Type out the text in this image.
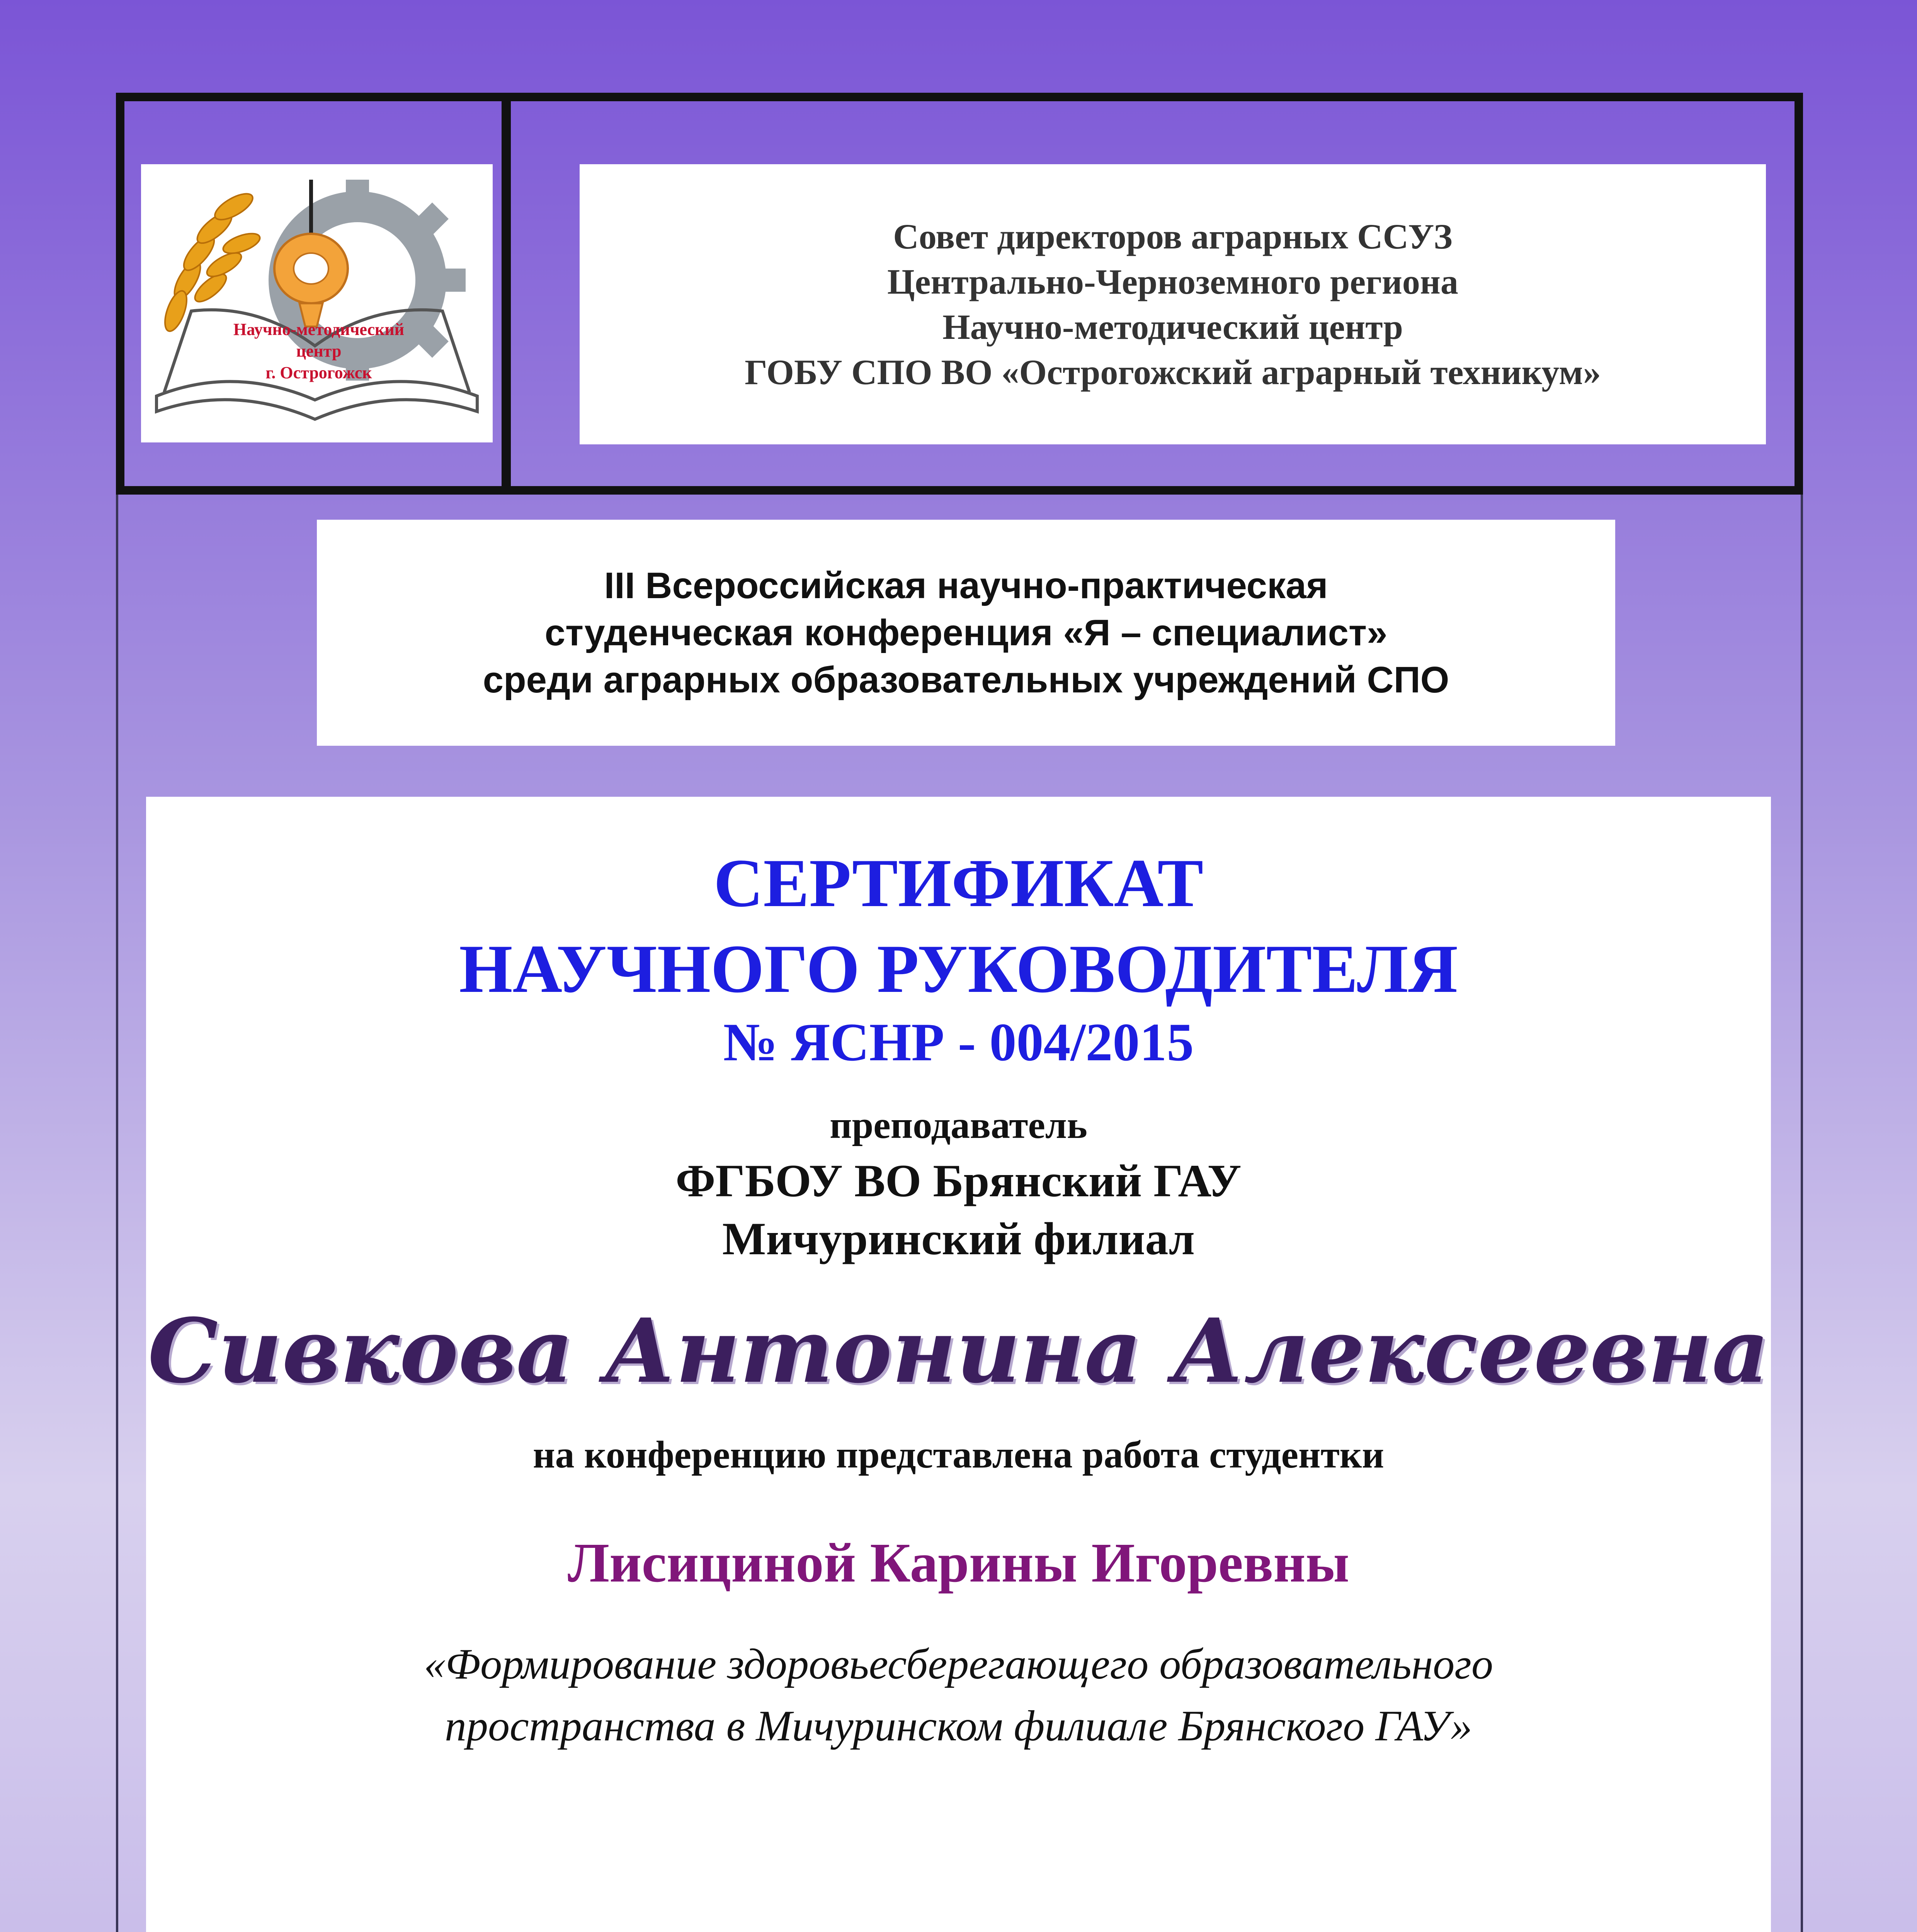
Научно-методический
центр
г. Острогожск
Совет директоров аграрных ССУЗ
Центрально-Черноземного региона
Научно-методический центр
ГОБУ СПО ВО «Острогожский аграрный техникум»
III Всероссийская научно-практическая
студенческая конференция «Я – специалист»
среди аграрных образовательных учреждений СПО
СЕРТИФИКАТ
НАУЧНОГО РУКОВОДИТЕЛЯ
№ ЯСНР - 004/2015
преподаватель
ФГБОУ ВО Брянский ГАУ
Мичуринский филиал
Сивкова Антонина Алексеевна
на конференцию представлена работа студентки
Лисициной Карины Игоревны
«Формирование здоровьесберегающего образовательного
пространства в Мичуринском филиале Брянского ГАУ»
